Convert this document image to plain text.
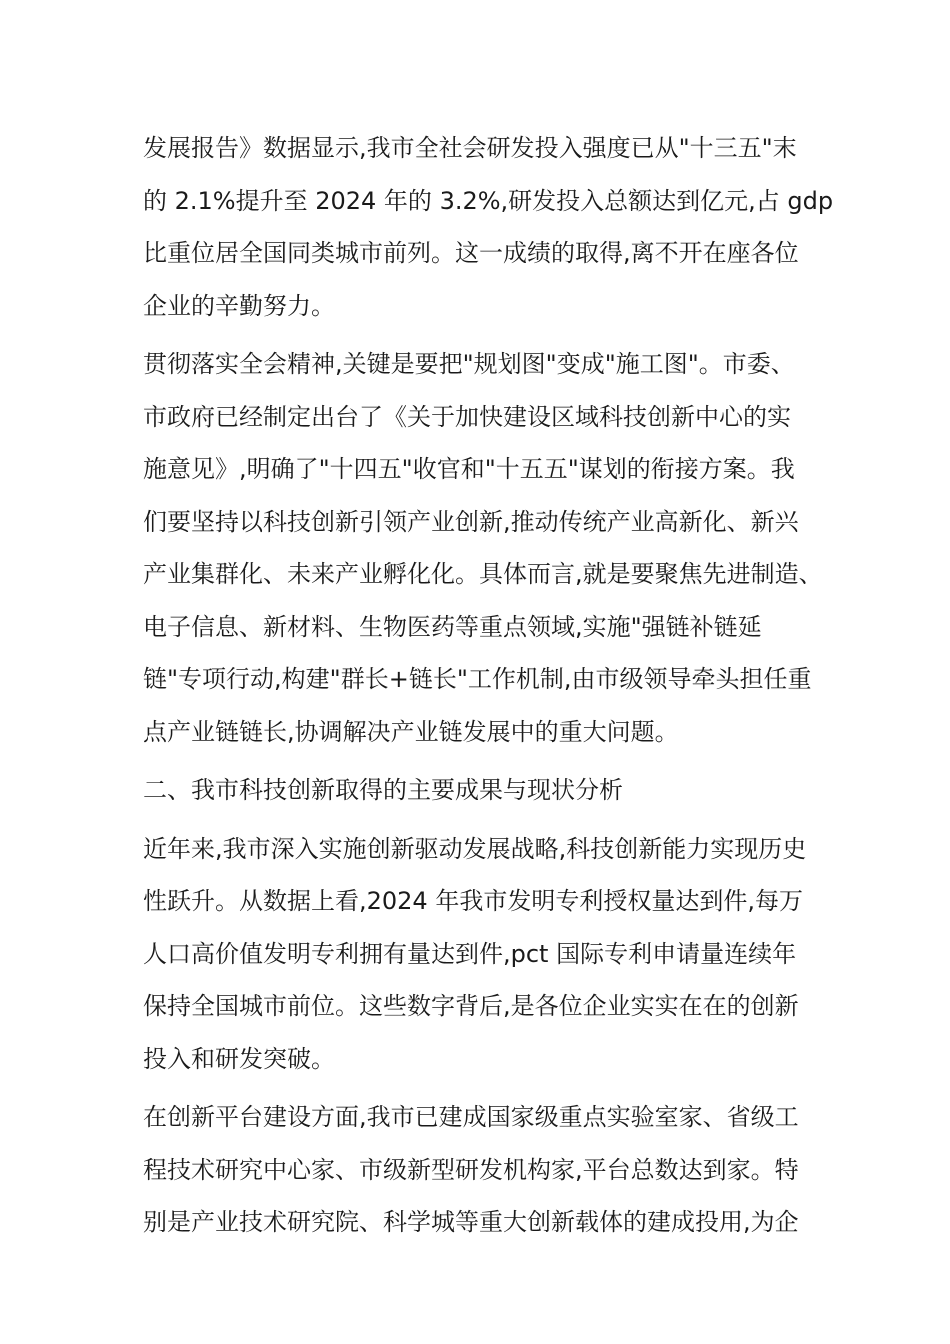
发展报告》数据显示,我市全社会研发投入强度已从"十三五"末
的 2.1%提升至 2024 年的 3.2%,研发投入总额达到亿元,占 gdp
比重位居全国同类城市前列。这一成绩的取得,离不开在座各位
企业的辛勤努力。
贯彻落实全会精神,关键是要把"规划图"变成"施工图"。市委、
市政府已经制定出台了《关于加快建设区域科技创新中心的实
施意见》,明确了"十四五"收官和"十五五"谋划的衔接方案。我
们要坚持以科技创新引领产业创新,推动传统产业高新化、新兴
产业集群化、未来产业孵化化。具体而言,就是要聚焦先进制造、
电子信息、新材料、生物医药等重点领域,实施"强链补链延
链"专项行动,构建"群长+链长"工作机制,由市级领导牵头担任重
点产业链链长,协调解决产业链发展中的重大问题。
二、我市科技创新取得的主要成果与现状分析
近年来,我市深入实施创新驱动发展战略,科技创新能力实现历史
性跃升。从数据上看,2024 年我市发明专利授权量达到件,每万
人口高价值发明专利拥有量达到件,pct 国际专利申请量连续年
保持全国城市前位。这些数字背后,是各位企业实实在在的创新
投入和研发突破。
在创新平台建设方面,我市已建成国家级重点实验室家、省级工
程技术研究中心家、市级新型研发机构家,平台总数达到家。特
别是产业技术研究院、科学城等重大创新载体的建成投用,为企
